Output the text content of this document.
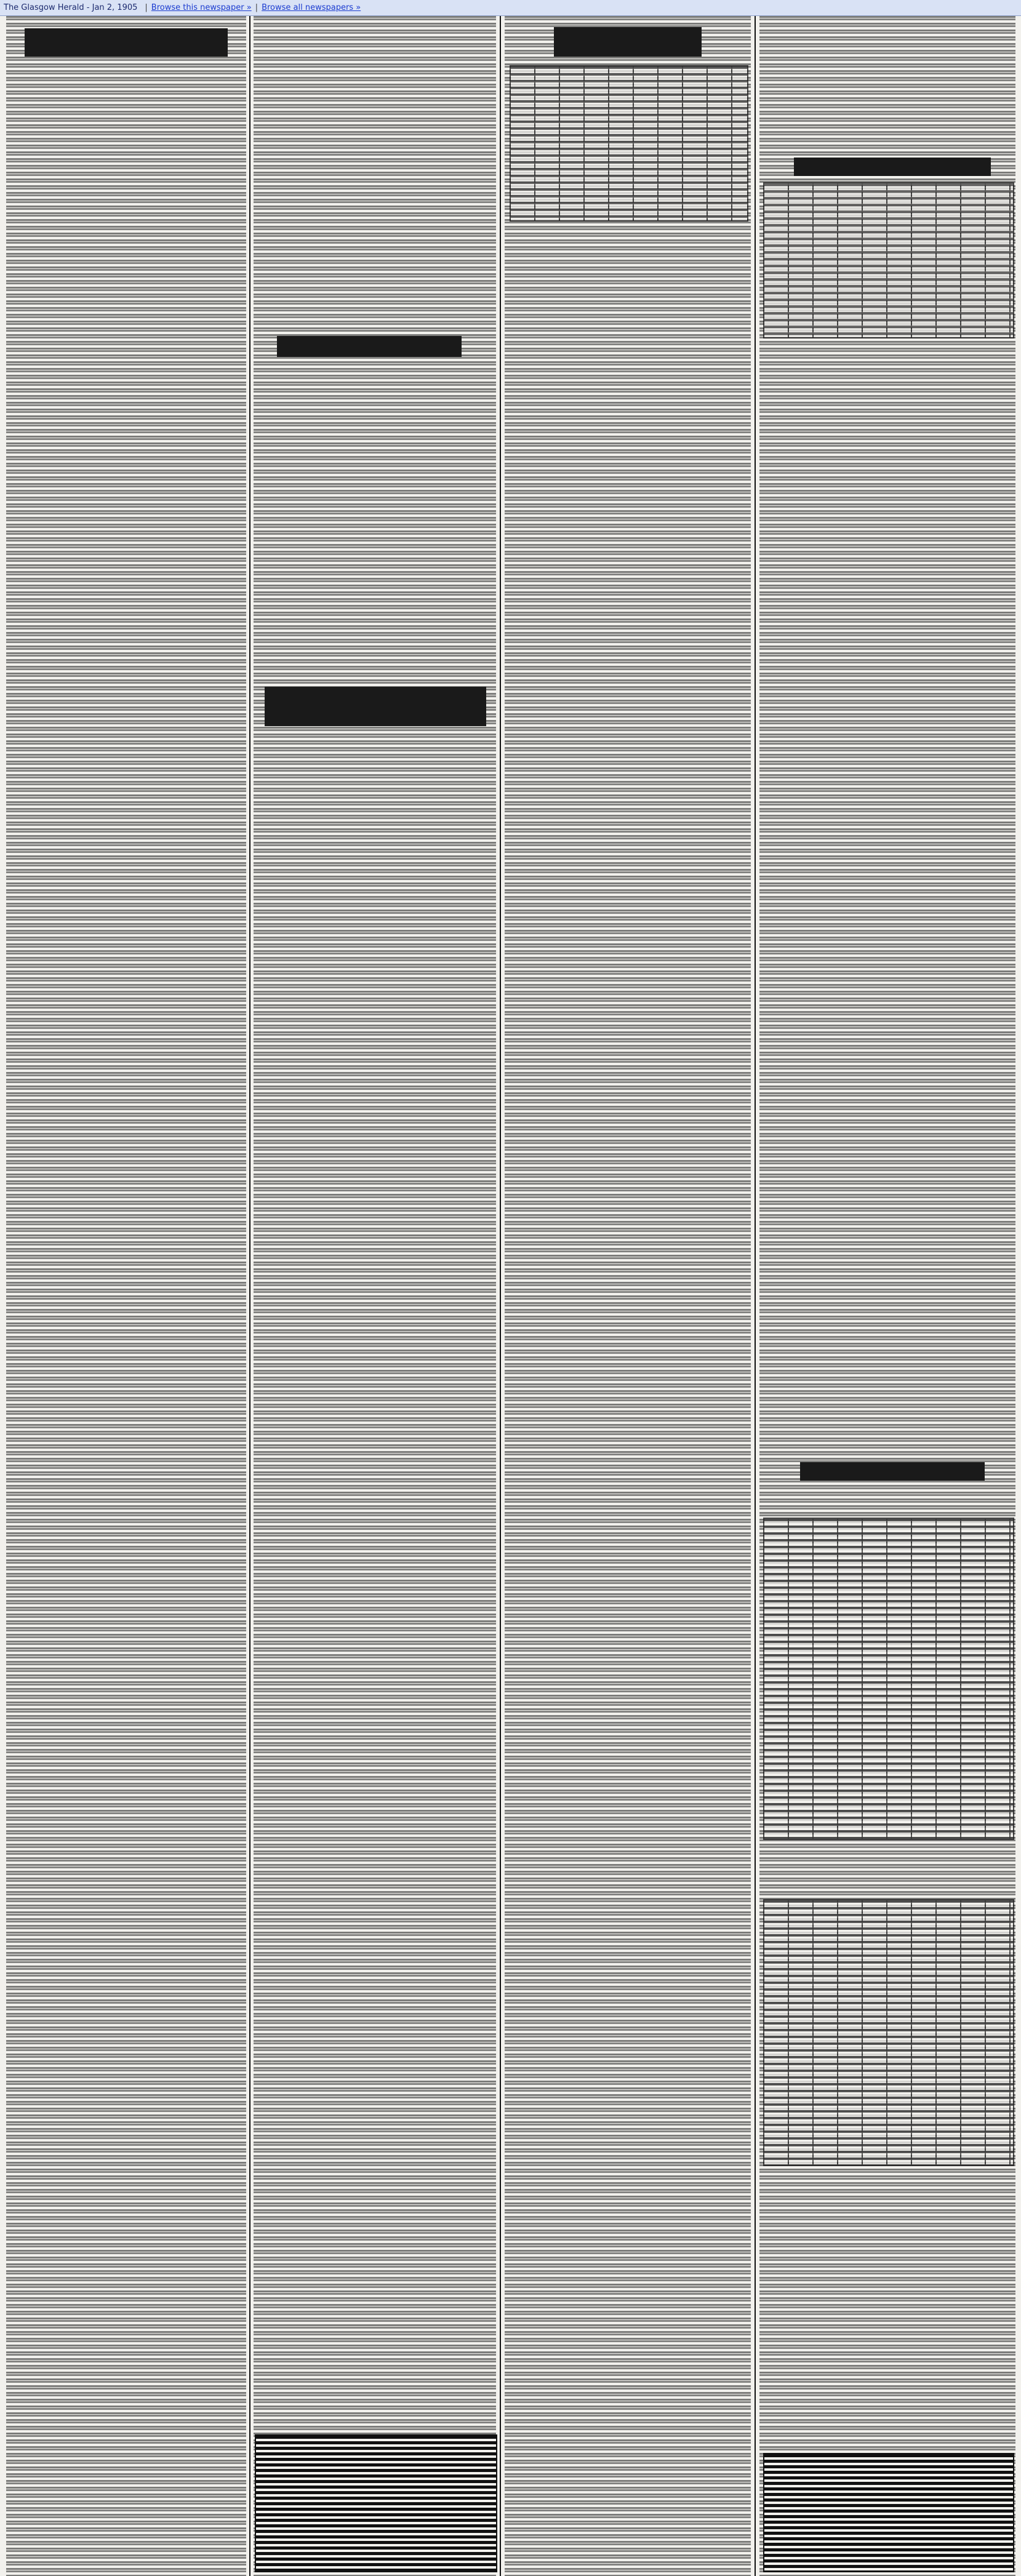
The Glasgow Herald - Jan 2, 1905 | Browse this newspaper » | Browse all newspapers »
